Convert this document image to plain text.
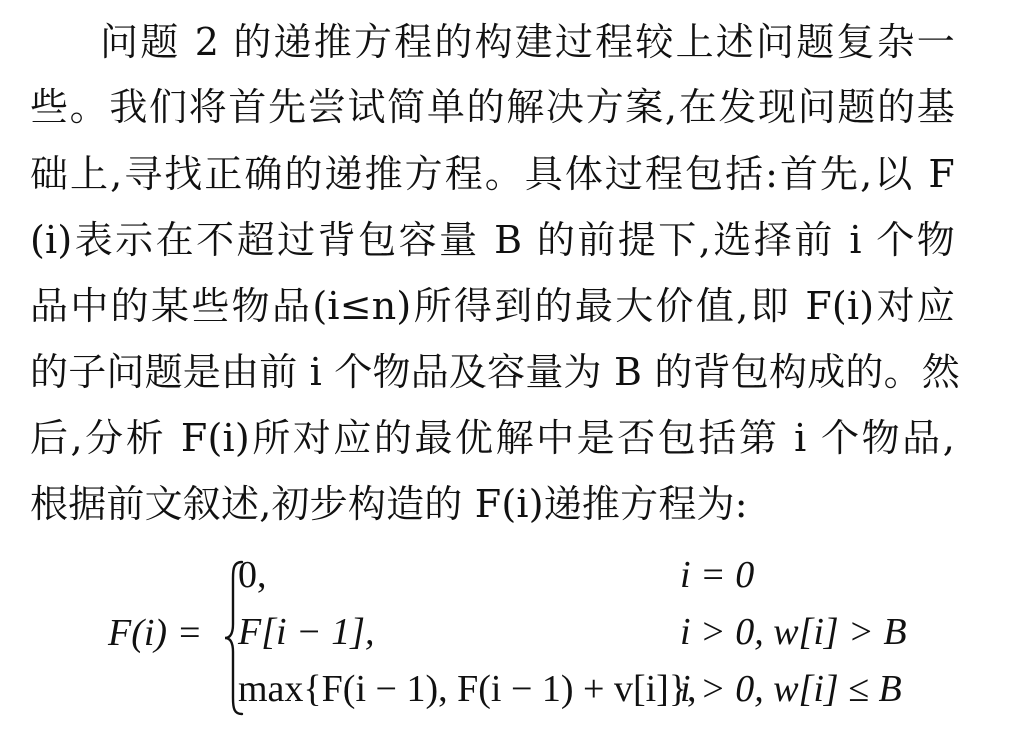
问题 2 的递推方程的构建过程较上述问题复杂一
些。我们将首先尝试简单的解决方案,在发现问题的基
础上,寻找正确的递推方程。具体过程包括:首先,以 F
(i)表示在不超过背包容量 B 的前提下,选择前 i 个物
品中的某些物品(i≤n)所得到的最大价值,即 F(i)对应
的子问题是由前 i 个物品及容量为 B 的背包构成的。然
后,分析 F(i)所对应的最优解中是否包括第 i 个物品,
根据前文叙述,初步构造的 F(i)递推方程为:
F(i) =
0,	i = 0
F[i − 1],	i > 0, w[i] > B
max{F(i − 1), F(i − 1) + v[i]},
i > 0, w[i] ≤ B
